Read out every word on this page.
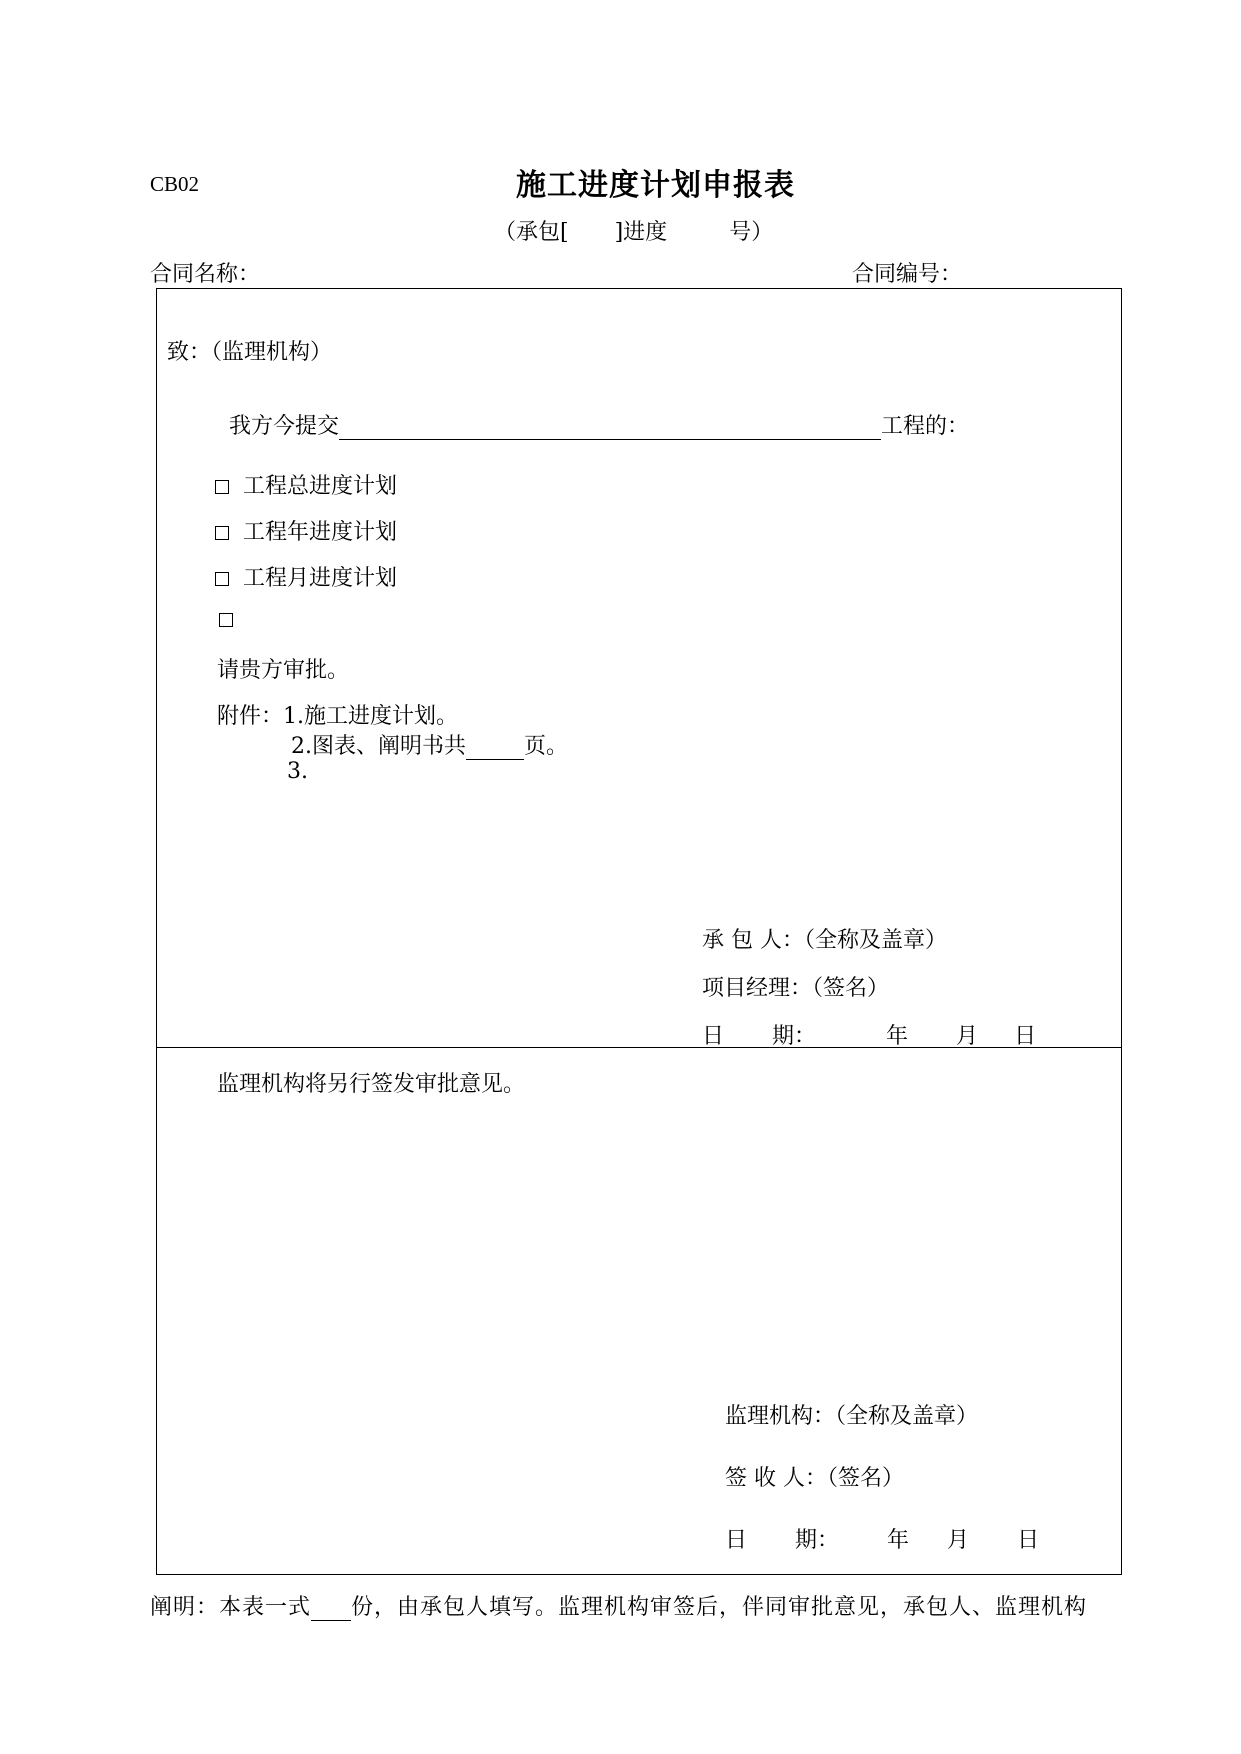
CB02	施工进度计划申报表
（承包[ ]进度	号）
合同名称：	合同编号：
致：（监理机构）
我方今提交	工程的：
工程总进度计划
工程年进度计划
工程月进度计划
请贵方审批。
附件：1.施工进度计划。
2.图表、阐明书共	页。
3.
承 包 人：（全称及盖章）
项目经理：（签名）
日 期：	年 月 日
监理机构将另行签发审批意见。
监理机构：（全称及盖章）
签 收 人：（签名）
日 期： 年 月 日
阐明：本表一式 份，由承包人填写。监理机构审签后，伴同审批意见，承包人、监理机构
